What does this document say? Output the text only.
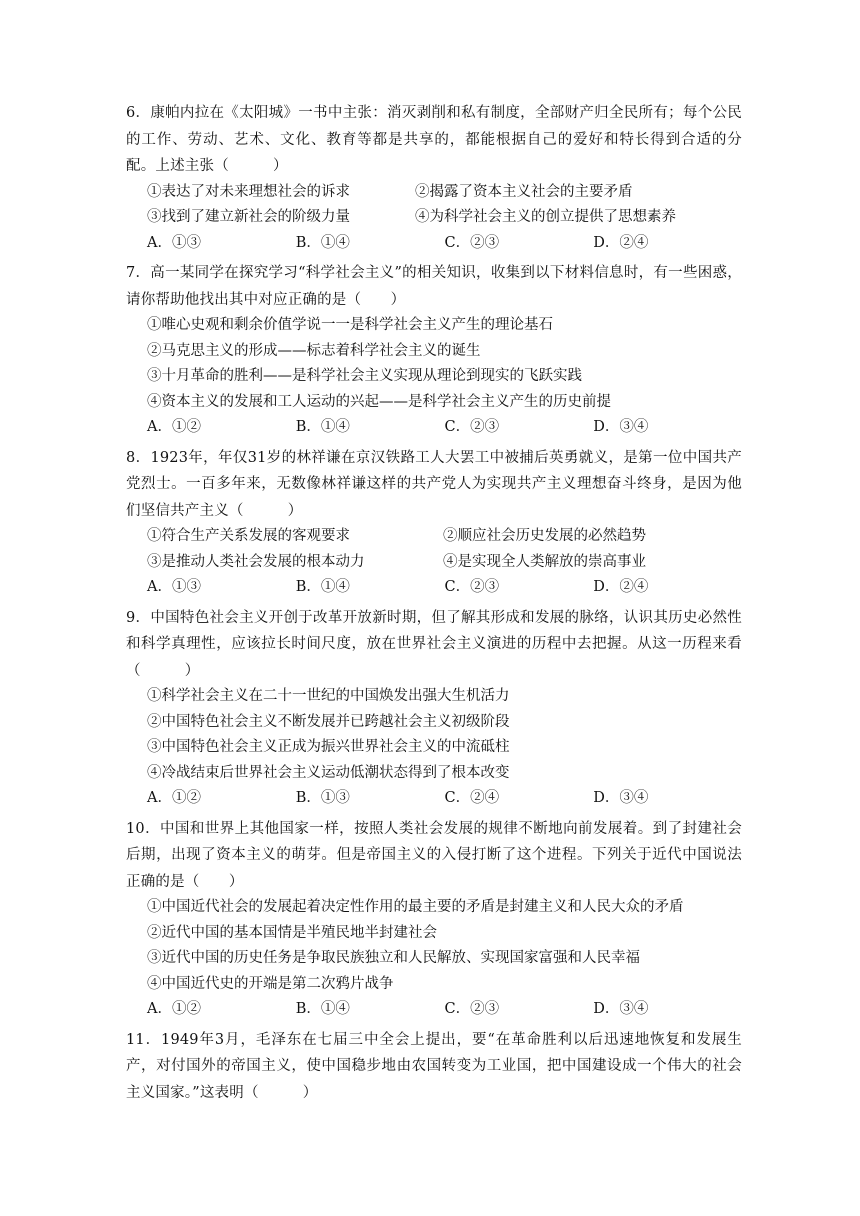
6．康帕内拉在《太阳城》一书中主张：消灭剥削和私有制度，全部财产归全民所有；每个公民的工作、劳动、艺术、文化、教育等都是共享的，都能根据自己的爱好和特长得到合适的分配。上述主张（　　　）
①表达了对未来理想社会的诉求	②揭露了资本主义社会的主要矛盾
③找到了建立新社会的阶级力量	④为科学社会主义的创立提供了思想素养
A．①③	B．①④	C．②③	D．②④
7．高一某同学在探究学习“科学社会主义”的相关知识，收集到以下材料信息时，有一些困惑，请你帮助他找出其中对应正确的是（　　）
①唯心史观和剩余价值学说一一是科学社会主义产生的理论基石
②马克思主义的形成——标志着科学社会主义的诞生
③十月革命的胜利——是科学社会主义实现从理论到现实的飞跃实践
④资本主义的发展和工人运动的兴起——是科学社会主义产生的历史前提
A．①②	B．①④	C．②③	D．③④
8．1923年，年仅31岁的林祥谦在京汉铁路工人大罢工中被捕后英勇就义，是第一位中国共产党烈士。一百多年来，无数像林祥谦这样的共产党人为实现共产主义理想奋斗终身，是因为他们坚信共产主义（　　　）
①符合生产关系发展的客观要求	②顺应社会历史发展的必然趋势
③是推动人类社会发展的根本动力	④是实现全人类解放的崇高事业
A．①③	B．①④	C．②③	D．②④
9．中国特色社会主义开创于改革开放新时期，但了解其形成和发展的脉络，认识其历史必然性和科学真理性，应该拉长时间尺度，放在世界社会主义演进的历程中去把握。从这一历程来看（　　　）
①科学社会主义在二十一世纪的中国焕发出强大生机活力
②中国特色社会主义不断发展并已跨越社会主义初级阶段
③中国特色社会主义正成为振兴世界社会主义的中流砥柱
④冷战结束后世界社会主义运动低潮状态得到了根本改变
A．①②	B．①③	C．②④	D．③④
10．中国和世界上其他国家一样，按照人类社会发展的规律不断地向前发展着。到了封建社会后期，出现了资本主义的萌芽。但是帝国主义的入侵打断了这个进程。下列关于近代中国说法正确的是（　　）
①中国近代社会的发展起着决定性作用的最主要的矛盾是封建主义和人民大众的矛盾
②近代中国的基本国情是半殖民地半封建社会
③近代中国的历史任务是争取民族独立和人民解放、实现国家富强和人民幸福
④中国近代史的开端是第二次鸦片战争
A．①②	B．①④	C．②③	D．③④
11．1949年3月，毛泽东在七届三中全会上提出，要“在革命胜利以后迅速地恢复和发展生产，对付国外的帝国主义，使中国稳步地由农国转变为工业国，把中国建设成一个伟大的社会主义国家。”这表明（　　　）
